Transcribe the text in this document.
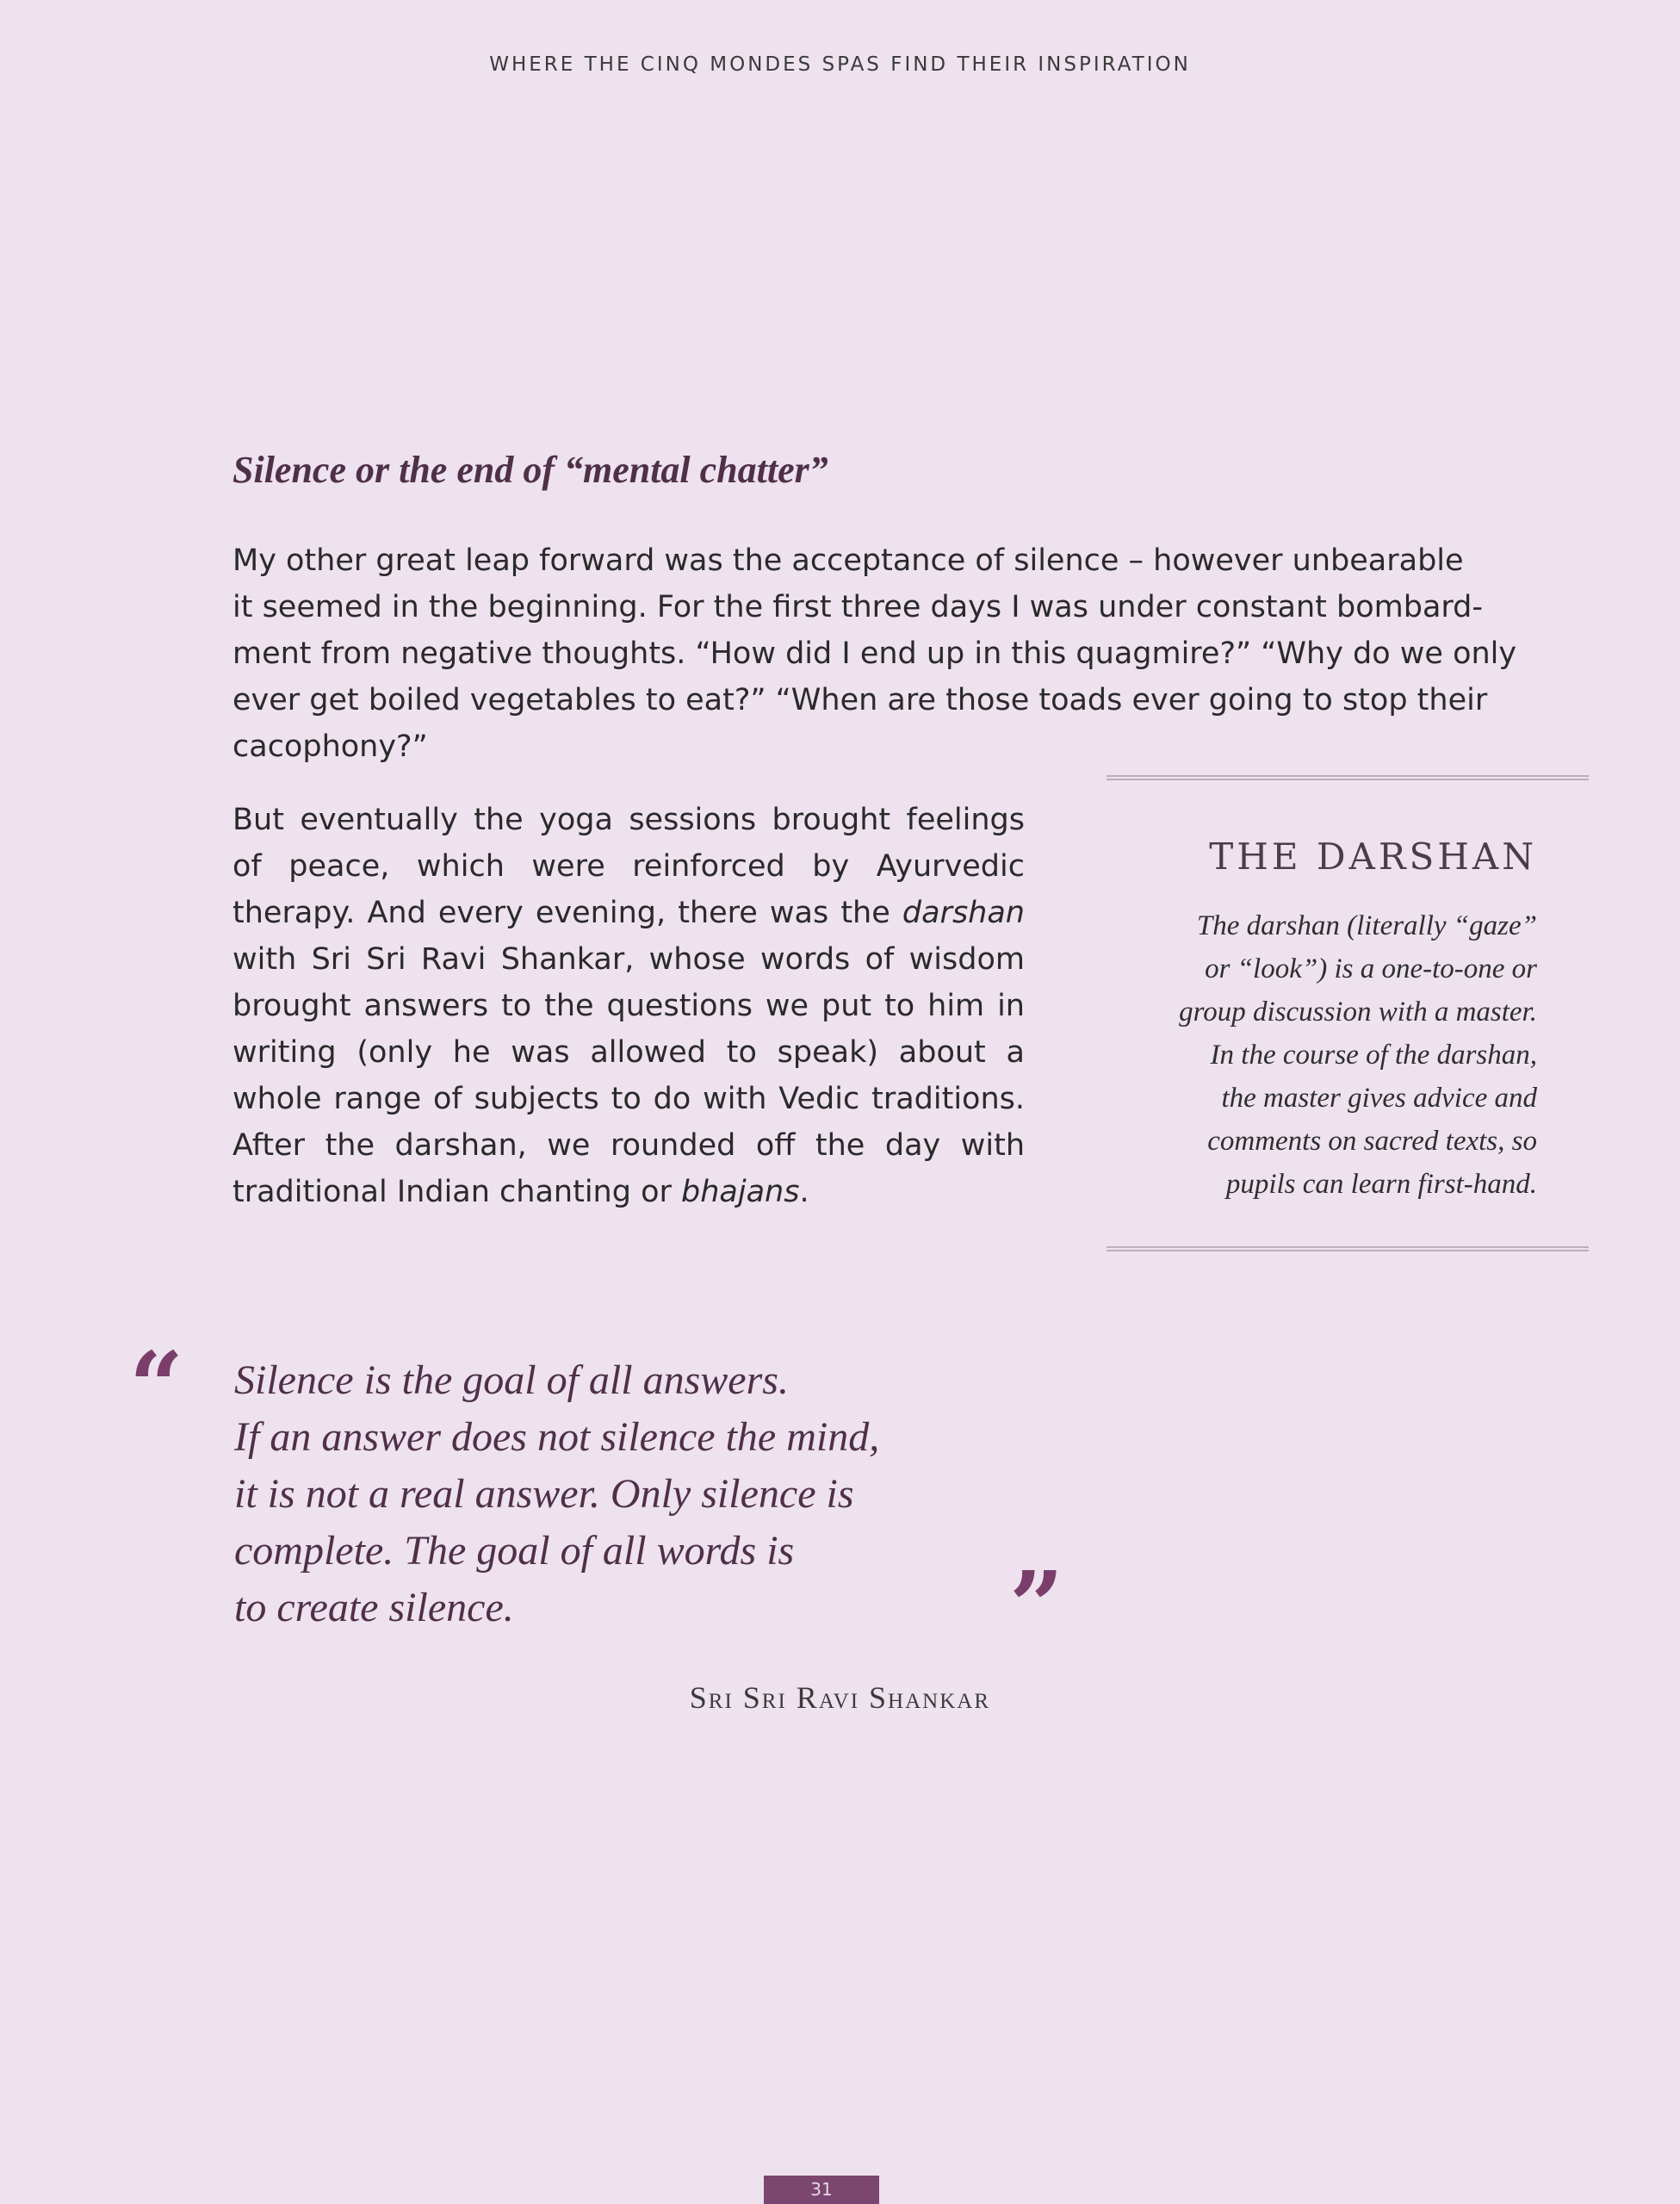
WHERE THE CINQ MONDES SPAS FIND THEIR INSPIRATION
Silence or the end of “mental chatter”

My other great leap forward was the acceptance of silence – however unbearable
it seemed in the beginning. For the first three days I was under constant bombard-
ment from negative thoughts. “How did I end up in this quagmire?” “Why do we only
ever get boiled vegetables to eat?” “When are those toads ever going to stop their
cacophony?”

But eventually the yoga sessions brought feelings of peace, which were reinforced by Ayurvedic therapy. And every evening, there was the darshan with Sri Sri Ravi Shankar, whose words of wisdom brought answers to the questions we put to him in writing (only he was allowed to speak) about a whole range of subjects to do with Vedic traditions. After the darshan, we rounded off the day with traditional Indian chanting or bhajans.

THE DARSHAN

The darshan (literally “gaze”
or “look”) is a one-to-one or
group discussion with a master.
In the course of the darshan,
the master gives advice and
comments on sacred texts, so
pupils can learn first-hand.

“ Silence is the goal of all answers.
If an answer does not silence the mind,
it is not a real answer. Only silence is
complete. The goal of all words is
to create silence.	”
Sri Sri Ravi Shankar
31
